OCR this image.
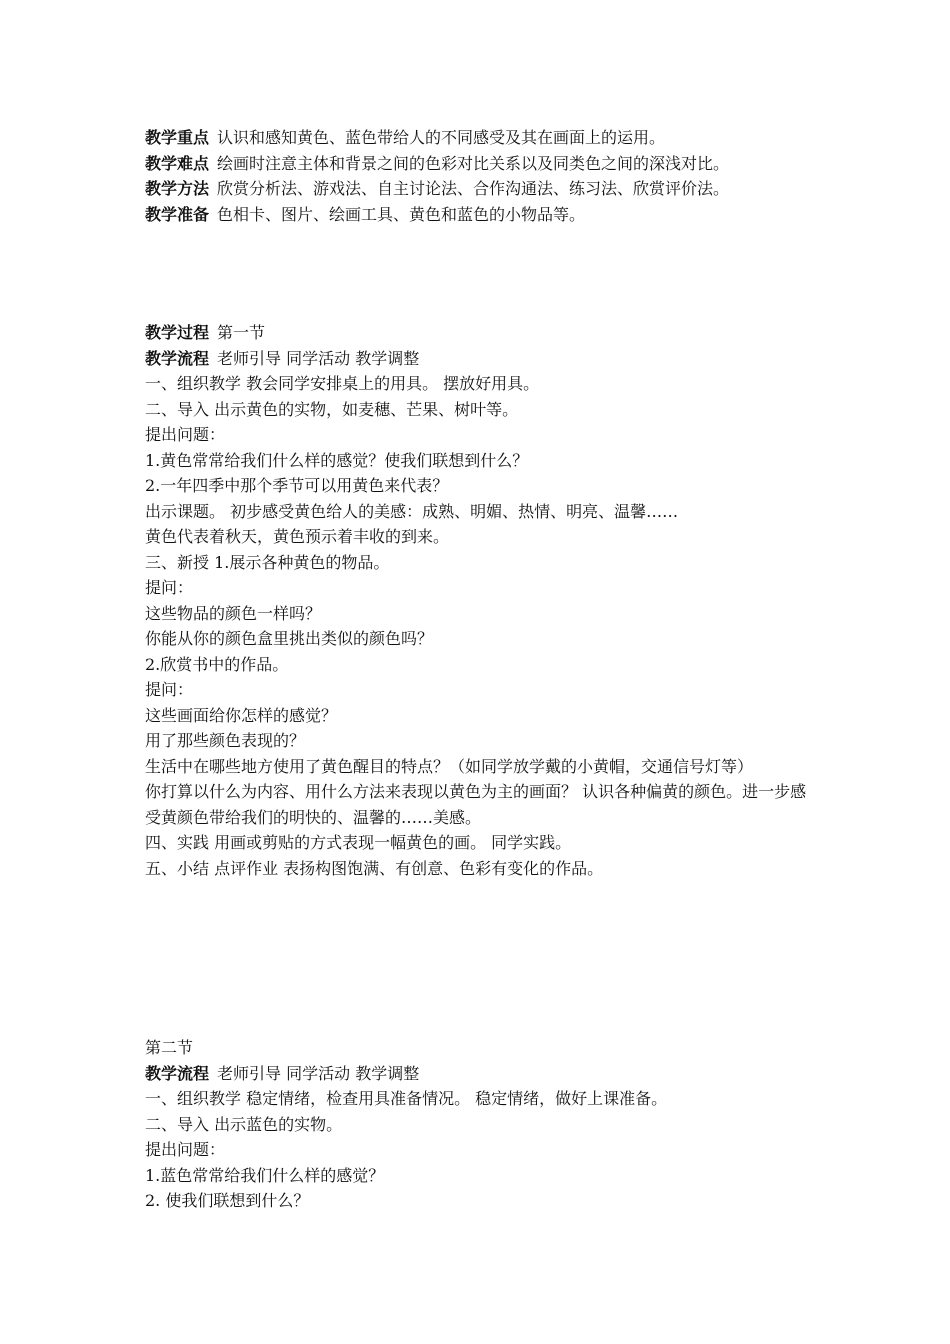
教学重点 认识和感知黄色、蓝色带给人的不同感受及其在画面上的运用。

教学难点 绘画时注意主体和背景之间的色彩对比关系以及同类色之间的深浅对比。

教学方法 欣赏分析法、游戏法、自主讨论法、合作沟通法、练习法、欣赏评价法。

教学准备 色相卡、图片、绘画工具、黄色和蓝色的小物品等。

教学过程 第一节

教学流程 老师引导 同学活动 教学调整

一、组织教学 教会同学安排桌上的用具。 摆放好用具。

二、导入 出示黄色的实物，如麦穗、芒果、树叶等。

提出问题：

1.黄色常常给我们什么样的感觉？使我们联想到什么？

2.一年四季中那个季节可以用黄色来代表？

出示课题。 初步感受黄色给人的美感：成熟、明媚、热情、明亮、温馨……

黄色代表着秋天，黄色预示着丰收的到来。

三、新授 1.展示各种黄色的物品。

提问：

这些物品的颜色一样吗？

你能从你的颜色盒里挑出类似的颜色吗？

2.欣赏书中的作品。

提问：

这些画面给你怎样的感觉？

用了那些颜色表现的？

生活中在哪些地方使用了黄色醒目的特点？（如同学放学戴的小黄帽，交通信号灯等）

你打算以什么为内容、用什么方法来表现以黄色为主的画面？ 认识各种偏黄的颜色。进一步感受黄颜色带给我们的明快的、温馨的……美感。

四、实践 用画或剪贴的方式表现一幅黄色的画。 同学实践。

五、小结 点评作业 表扬构图饱满、有创意、色彩有变化的作品。

第二节

教学流程 老师引导 同学活动 教学调整

一、组织教学 稳定情绪，检查用具准备情况。 稳定情绪，做好上课准备。

二、导入 出示蓝色的实物。

提出问题：

1.蓝色常常给我们什么样的感觉？

2. 使我们联想到什么？
